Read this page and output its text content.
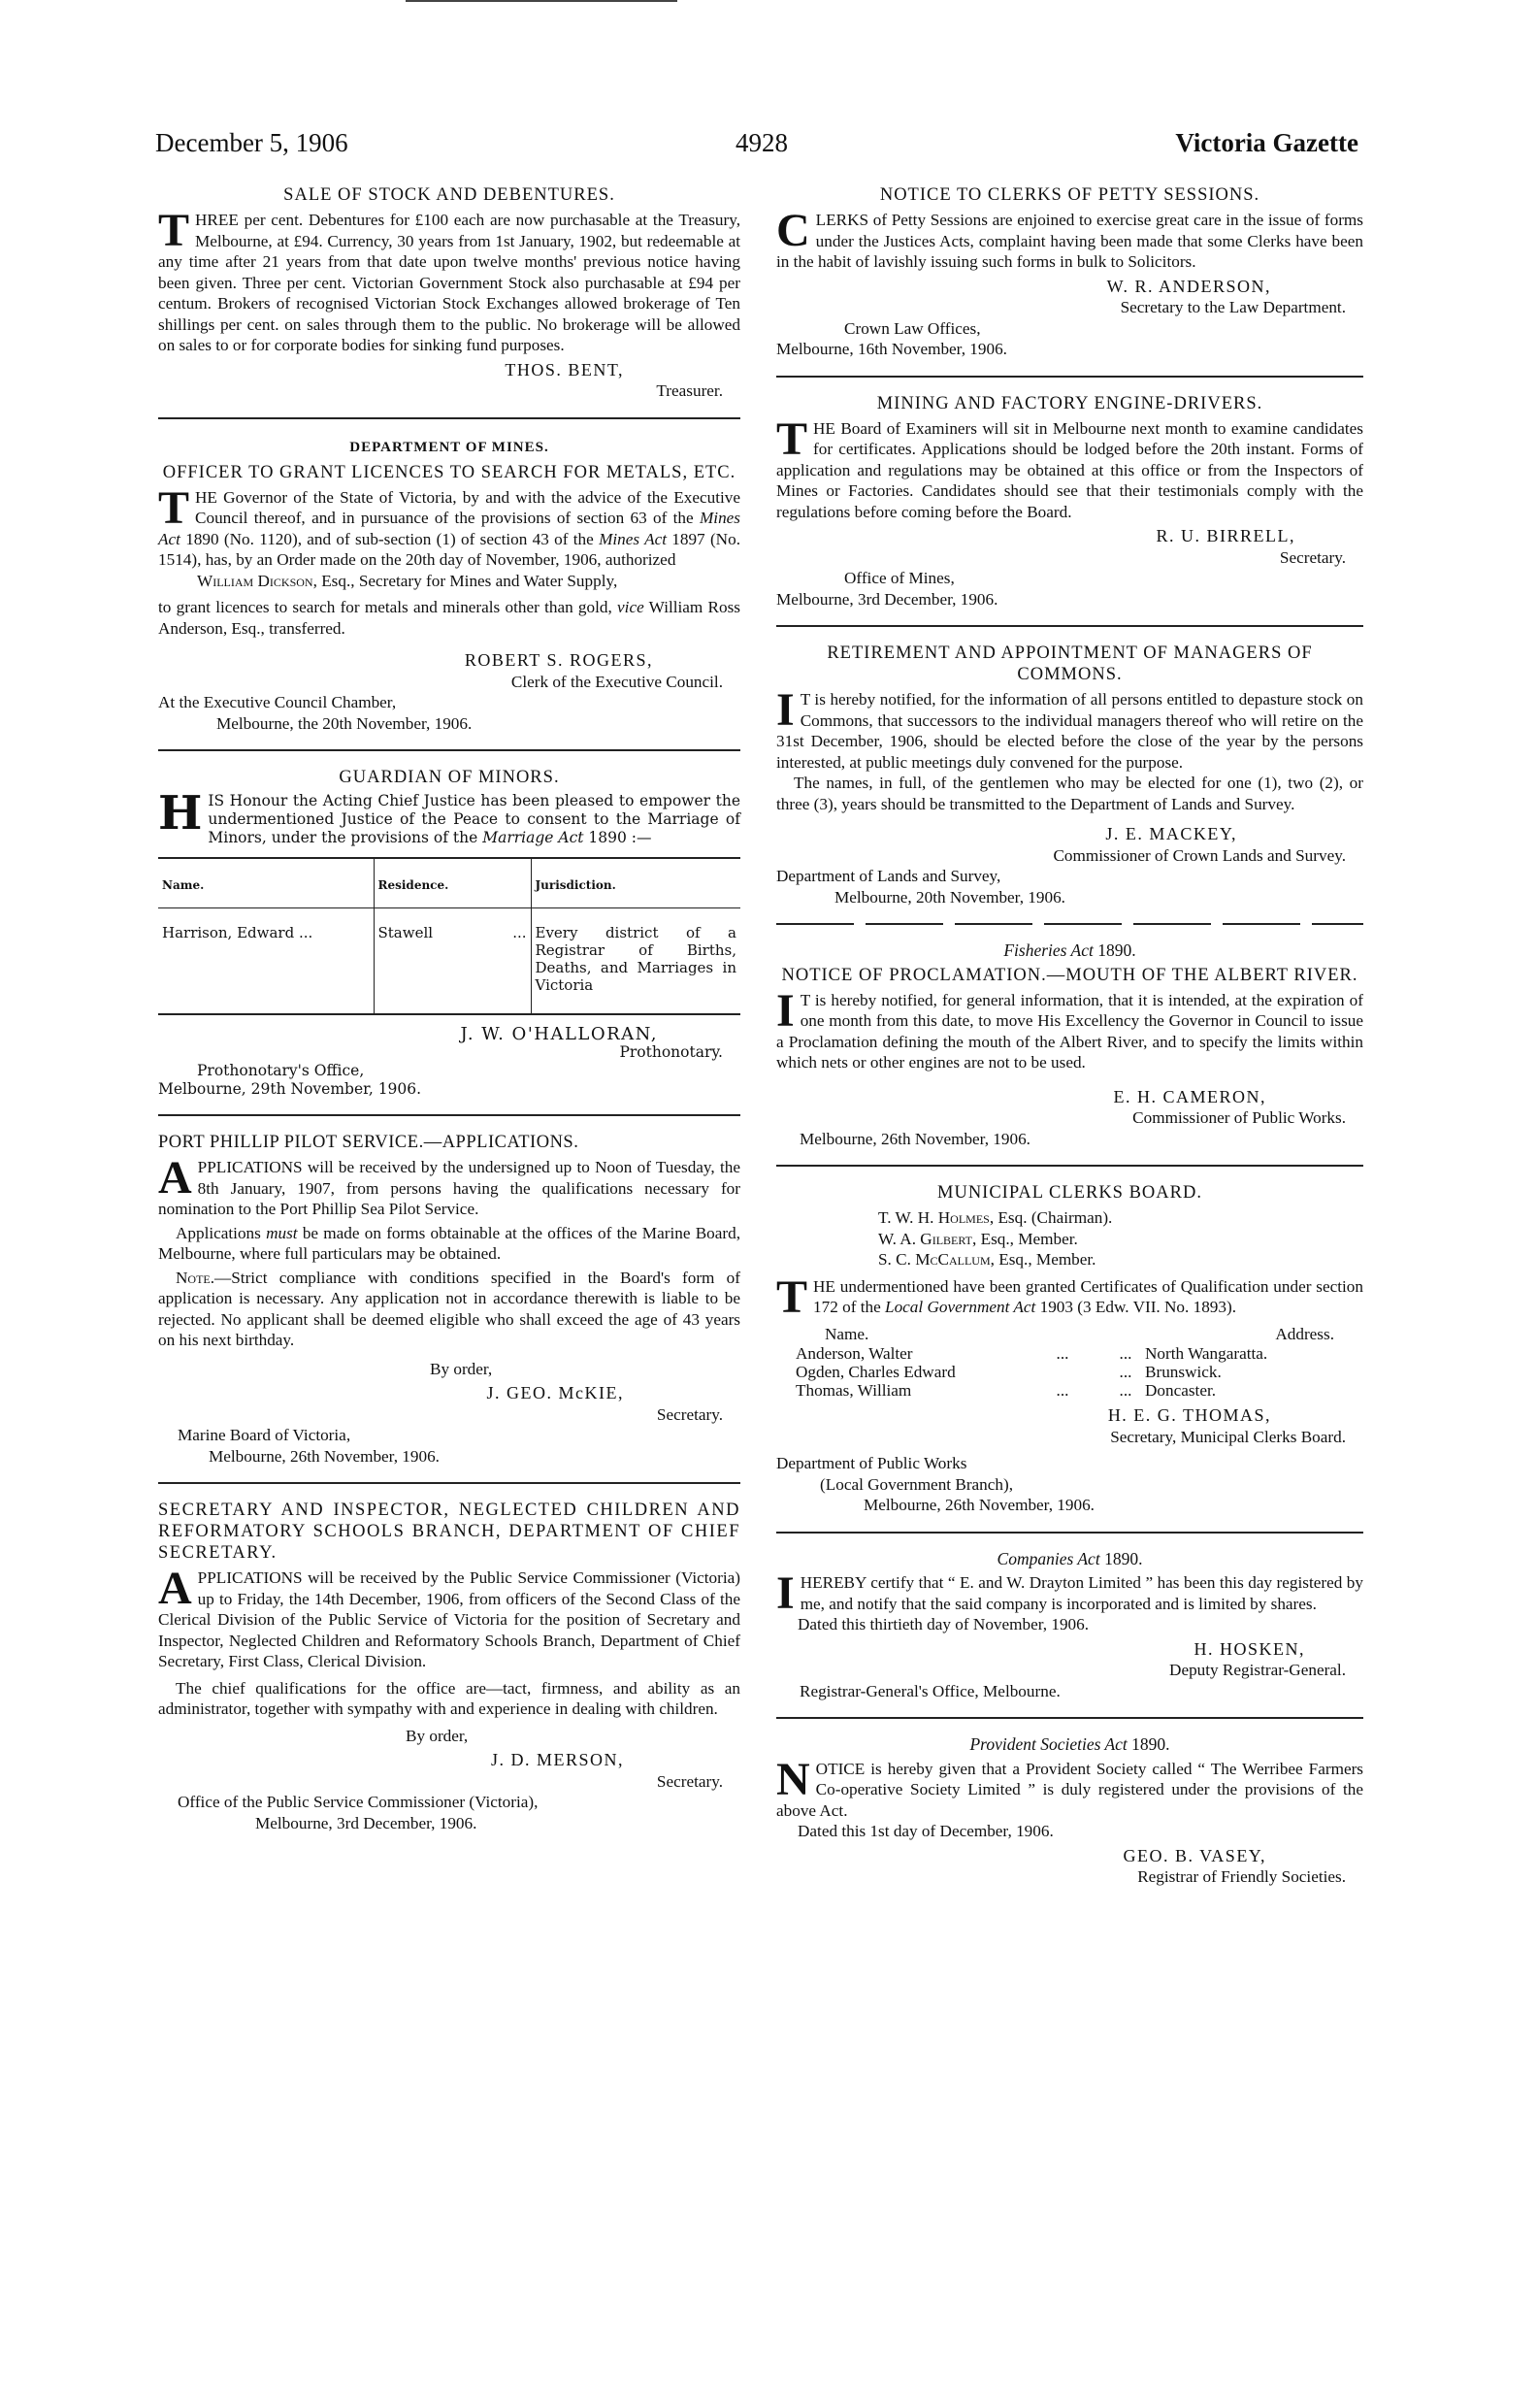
December 5, 1906	4928	Victoria Gazette
SALE OF STOCK AND DEBENTURES.

THREE per cent. Debentures for £100 each are now purchasable at the Treasury, Melbourne, at £94. Currency, 30 years from 1st January, 1902, but redeemable at any time after 21 years from that date upon twelve months' previous notice having been given. Three per cent. Victorian Government Stock also purchasable at £94 per centum. Brokers of recognised Victorian Stock Exchanges allowed brokerage of Ten shillings per cent. on sales through them to the public. No brokerage will be allowed on sales to or for corporate bodies for sinking fund purposes.

THOS. BENT,
Treasurer.
DEPARTMENT OF MINES.
OFFICER TO GRANT LICENCES TO SEARCH FOR METALS, ETC.

THE Governor of the State of Victoria, by and with the advice of the Executive Council thereof, and in pursuance of the provisions of section 63 of the Mines Act 1890 (No. 1120), and of sub-section (1) of section 43 of the Mines Act 1897 (No. 1514), has, by an Order made on the 20th day of November, 1906, authorized

William Dickson, Esq., Secretary for Mines and Water Supply,

to grant licences to search for metals and minerals other than gold, vice William Ross Anderson, Esq., transferred.

ROBERT S. ROGERS,
Clerk of the Executive Council.
At the Executive Council Chamber,
Melbourne, the 20th November, 1906.
GUARDIAN OF MINORS.

HIS Honour the Acting Chief Justice has been pleased to empower the undermentioned Justice of the Peace to consent to the Marriage of Minors, under the provisions of the Marriage Act 1890 :—

Name.	Residence.	Jurisdiction.
Harrison, Edward ...	Stawell ...	Every district of a Registrar of Births, Deaths, and Marriages in Victoria
J. W. O'HALLORAN,
Prothonotary.
Prothonotary's Office,
Melbourne, 29th November, 1906.
PORT PHILLIP PILOT SERVICE.—APPLICATIONS.

APPLICATIONS will be received by the undersigned up to Noon of Tuesday, the 8th January, 1907, from persons having the qualifications necessary for nomination to the Port Phillip Sea Pilot Service.

Applications must be made on forms obtainable at the offices of the Marine Board, Melbourne, where full particulars may be obtained.

Note.—Strict compliance with conditions specified in the Board's form of application is necessary. Any application not in accordance therewith is liable to be rejected. No applicant shall be deemed eligible who shall exceed the age of 43 years on his next birthday.

By order,
J. GEO. McKIE,
Secretary.
Marine Board of Victoria,
Melbourne, 26th November, 1906.
SECRETARY AND INSPECTOR, NEGLECTED CHILDREN AND REFORMATORY SCHOOLS BRANCH, DEPARTMENT OF CHIEF SECRETARY.

APPLICATIONS will be received by the Public Service Commissioner (Victoria) up to Friday, the 14th December, 1906, from officers of the Second Class of the Clerical Division of the Public Service of Victoria for the position of Secretary and Inspector, Neglected Children and Reformatory Schools Branch, Department of Chief Secretary, First Class, Clerical Division.

The chief qualifications for the office are—tact, firmness, and ability as an administrator, together with sympathy with and experience in dealing with children.

By order,
J. D. MERSON,
Secretary.
Office of the Public Service Commissioner (Victoria),
Melbourne, 3rd December, 1906.
NOTICE TO CLERKS OF PETTY SESSIONS.

CLERKS of Petty Sessions are enjoined to exercise great care in the issue of forms under the Justices Acts, complaint having been made that some Clerks have been in the habit of lavishly issuing such forms in bulk to Solicitors.

W. R. ANDERSON,
Secretary to the Law Department.
Crown Law Offices,
Melbourne, 16th November, 1906.
MINING AND FACTORY ENGINE-DRIVERS.

THE Board of Examiners will sit in Melbourne next month to examine candidates for certificates. Applications should be lodged before the 20th instant. Forms of application and regulations may be obtained at this office or from the Inspectors of Mines or Factories. Candidates should see that their testimonials comply with the regulations before coming before the Board.

R. U. BIRRELL,
Secretary.
Office of Mines,
Melbourne, 3rd December, 1906.
RETIREMENT AND APPOINTMENT OF MANAGERS OF COMMONS.

I T is hereby notified, for the information of all persons entitled to depasture stock on Commons, that successors to the individual managers thereof who will retire on the 31st December, 1906, should be elected before the close of the year by the persons interested, at public meetings duly convened for the purpose.

The names, in full, of the gentlemen who may be elected for one (1), two (2), or three (3), years should be transmitted to the Department of Lands and Survey.

J. E. MACKEY,
Commissioner of Crown Lands and Survey.
Department of Lands and Survey,
Melbourne, 20th November, 1906.
Fisheries Act 1890.
NOTICE OF PROCLAMATION.—MOUTH OF THE ALBERT RIVER.

I T is hereby notified, for general information, that it is intended, at the expiration of one month from this date, to move His Excellency the Governor in Council to issue a Proclamation defining the mouth of the Albert River, and to specify the limits within which nets or other engines are not to be used.

E. H. CAMERON,
Commissioner of Public Works.
Melbourne, 26th November, 1906.
MUNICIPAL CLERKS BOARD.
T. W. H. Holmes, Esq. (Chairman).
W. A. Gilbert, Esq., Member.
S. C. McCallum, Esq., Member.

THE undermentioned have been granted Certificates of Qualification under section 172 of the Local Government Act 1903 (3 Edw. VII. No. 1893).

Name.	Address.
Anderson, Walter	...	... North Wangaratta.
Ogden, Charles Edward	... Brunswick.
Thomas, William	...	... Doncaster.
H. E. G. THOMAS,
Secretary, Municipal Clerks Board.
Department of Public Works
(Local Government Branch),
Melbourne, 26th November, 1906.
Companies Act 1890.

I HEREBY certify that “ E. and W. Drayton Limited ” has been this day registered by me, and notify that the said company is incorporated and is limited by shares.

Dated this thirtieth day of November, 1906.
H. HOSKEN,
Deputy Registrar-General.
Registrar-General's Office, Melbourne.
Provident Societies Act 1890.

NOTICE is hereby given that a Provident Society called “ The Werribee Farmers Co-operative Society Limited ” is duly registered under the provisions of the above Act.

Dated this 1st day of December, 1906.
GEO. B. VASEY,
Registrar of Friendly Societies.
